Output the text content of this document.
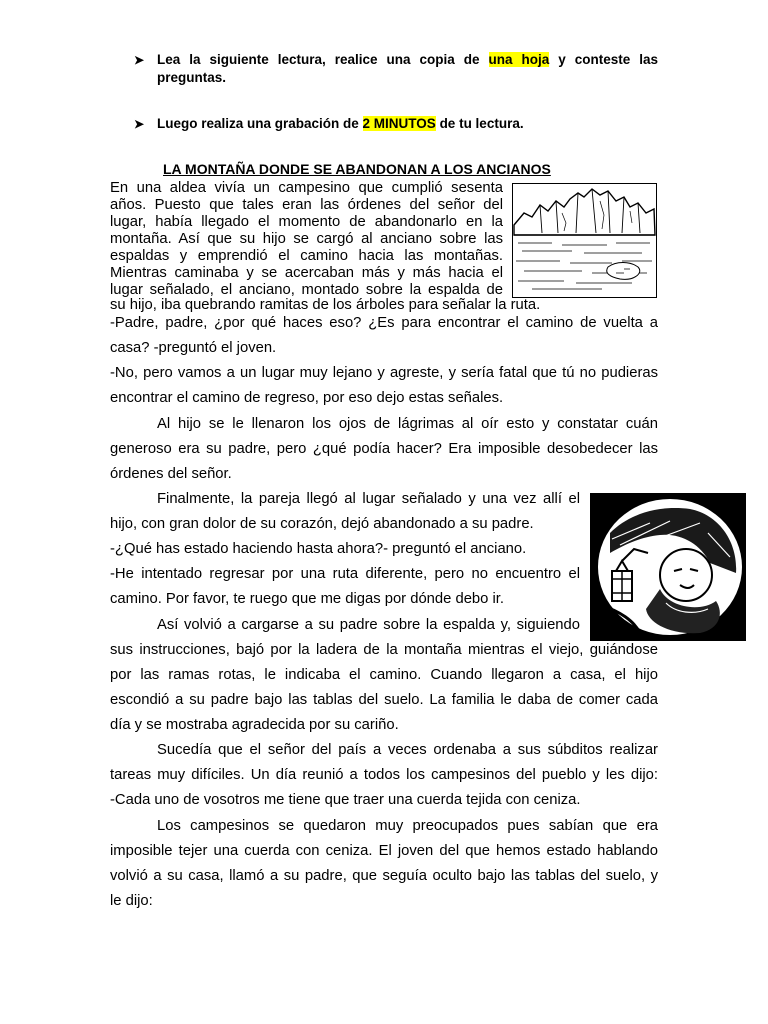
➤ Lea la siguiente lectura, realice una copia de una hoja y conteste las
preguntas.
➤ Luego realiza una grabación de 2 MINUTOS de tu lectura.
LA MONTAÑA DONDE SE ABANDONAN A LOS ANCIANOS
En una aldea vivía un campesino que cumplió sesenta
años. Puesto que tales eran las órdenes del señor del
lugar, había llegado el momento de abandonarlo en la
montaña. Así que su hijo se cargó al anciano sobre las
espaldas y emprendió el camino hacia las montañas.
Mientras caminaba y se acercaban más y más hacia el
lugar señalado, el anciano, montado sobre la espalda de
su hijo, iba quebrando ramitas de los árboles para señalar la ruta.
-Padre, padre, ¿por qué haces eso? ¿Es para encontrar el camino de vuelta a
casa? -preguntó el joven.
-No, pero vamos a un lugar muy lejano y agreste, y sería fatal que tú no pudieras
encontrar el camino de regreso, por eso dejo estas señales.
Al hijo se le llenaron los ojos de lágrimas al oír esto y constatar cuán
generoso era su padre, pero ¿qué podía hacer? Era imposible desobedecer las
órdenes del señor.
Finalmente, la pareja llegó al lugar señalado y una vez allí el
hijo, con gran dolor de su corazón, dejó abandonado a su padre.
-¿Qué has estado haciendo hasta ahora?- preguntó el anciano.
-He intentado regresar por una ruta diferente, pero no encuentro el
camino. Por favor, te ruego que me digas por dónde debo ir.
Así volvió a cargarse a su padre sobre la espalda y, siguiendo
sus instrucciones, bajó por la ladera de la montaña mientras el viejo, guiándose
por las ramas rotas, le indicaba el camino. Cuando llegaron a casa, el hijo
escondió a su padre bajo las tablas del suelo. La familia le daba de comer cada
día y se mostraba agradecida por su cariño.
Sucedía que el señor del país a veces ordenaba a sus súbditos realizar
tareas muy difíciles. Un día reunió a todos los campesinos del pueblo y les dijo:
-Cada uno de vosotros me tiene que traer una cuerda tejida con ceniza.
Los campesinos se quedaron muy preocupados pues sabían que era
imposible tejer una cuerda con ceniza. El joven del que hemos estado hablando
volvió a su casa, llamó a su padre, que seguía oculto bajo las tablas del suelo, y
le dijo:
